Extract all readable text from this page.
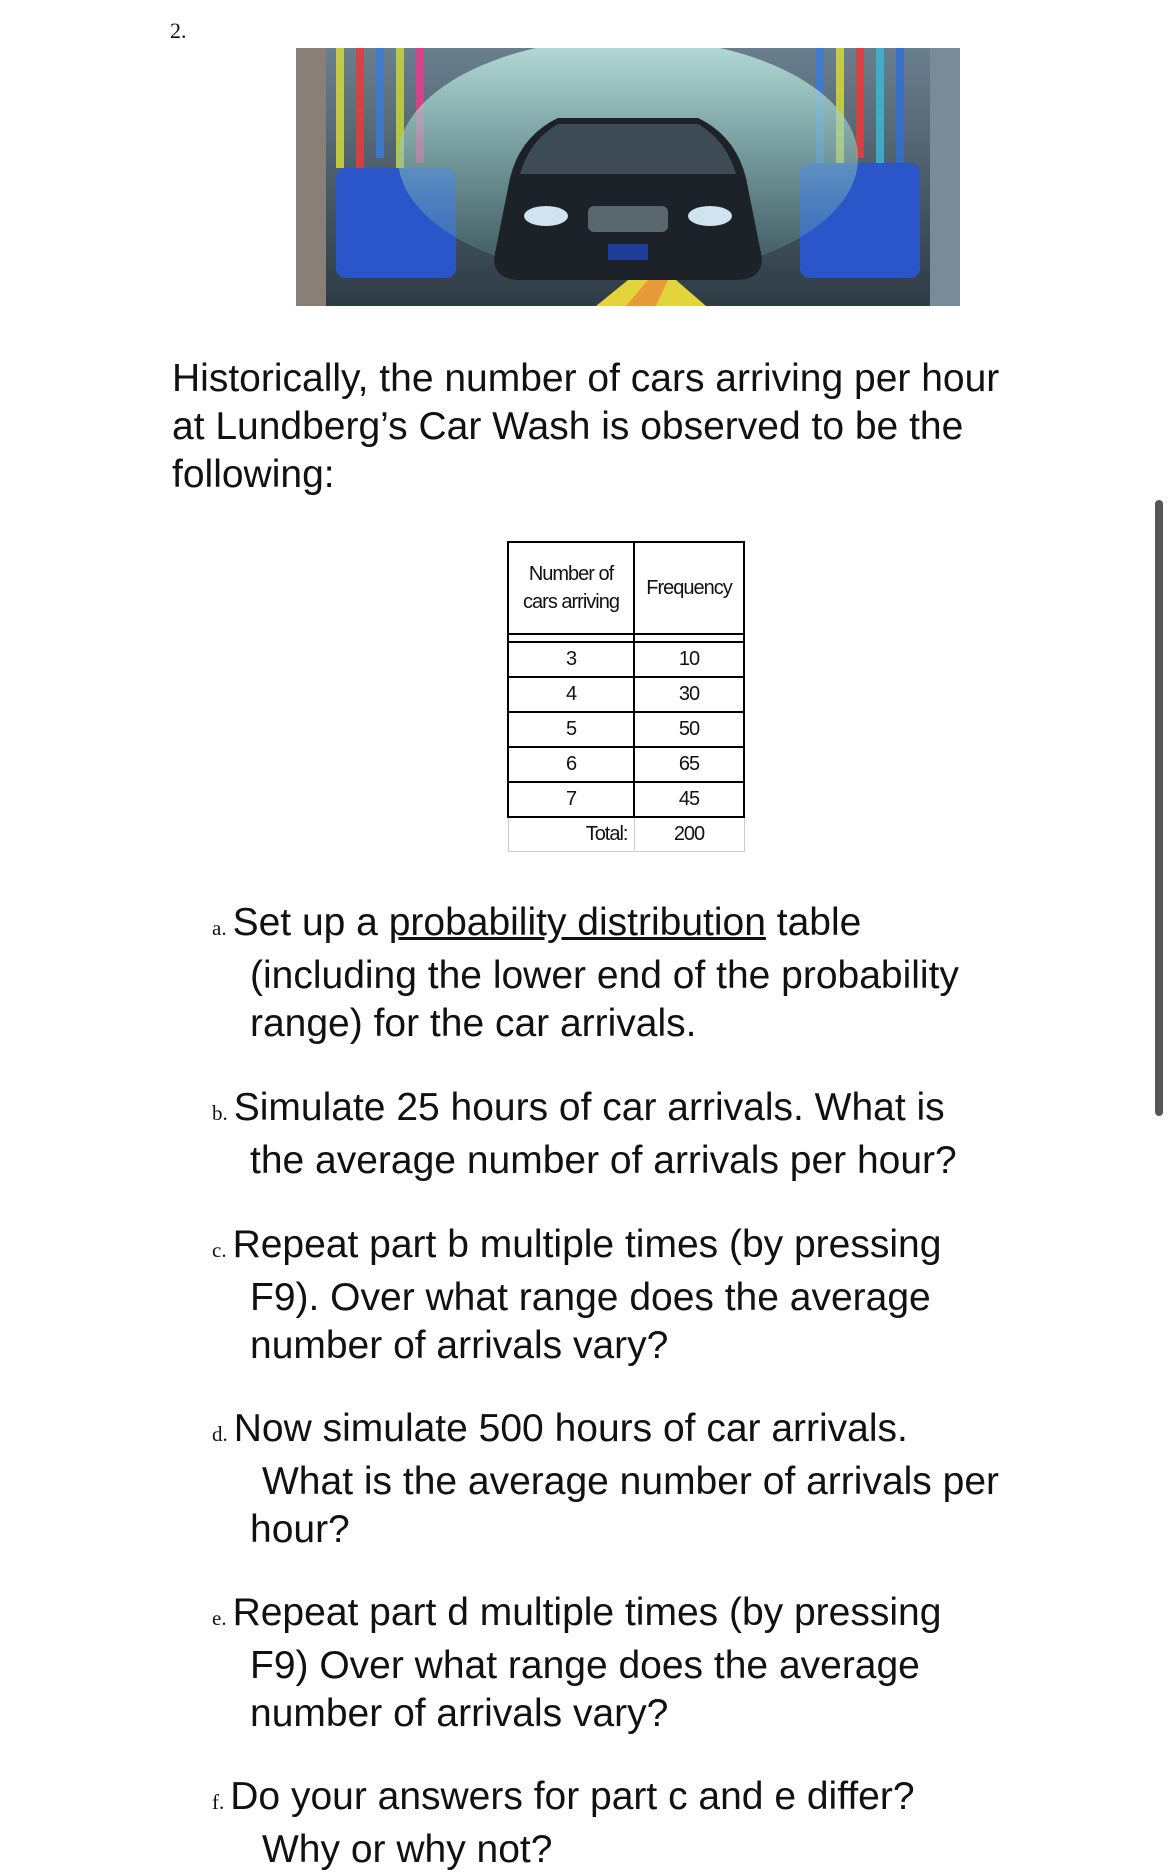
2.
Historically, the number of cars arriving per hour
at Lundberg’s Car Wash is observed to be the
following:
Number of
cars arriving	Frequency

3	10
4	30
5	50
6	65
7	45
Total:	200
a. Set up a probability distribution table
(including the lower end of the probability
range) for the car arrivals.
b. Simulate 25 hours of car arrivals. What is
the average number of arrivals per hour?
c. Repeat part b multiple times (by pressing
F9). Over what range does the average
number of arrivals vary?
d. Now simulate 500 hours of car arrivals.
What is the average number of arrivals per
hour?
e. Repeat part d multiple times (by pressing
F9) Over what range does the average
number of arrivals vary?
f. Do your answers for part c and e differ?
Why or why not?
